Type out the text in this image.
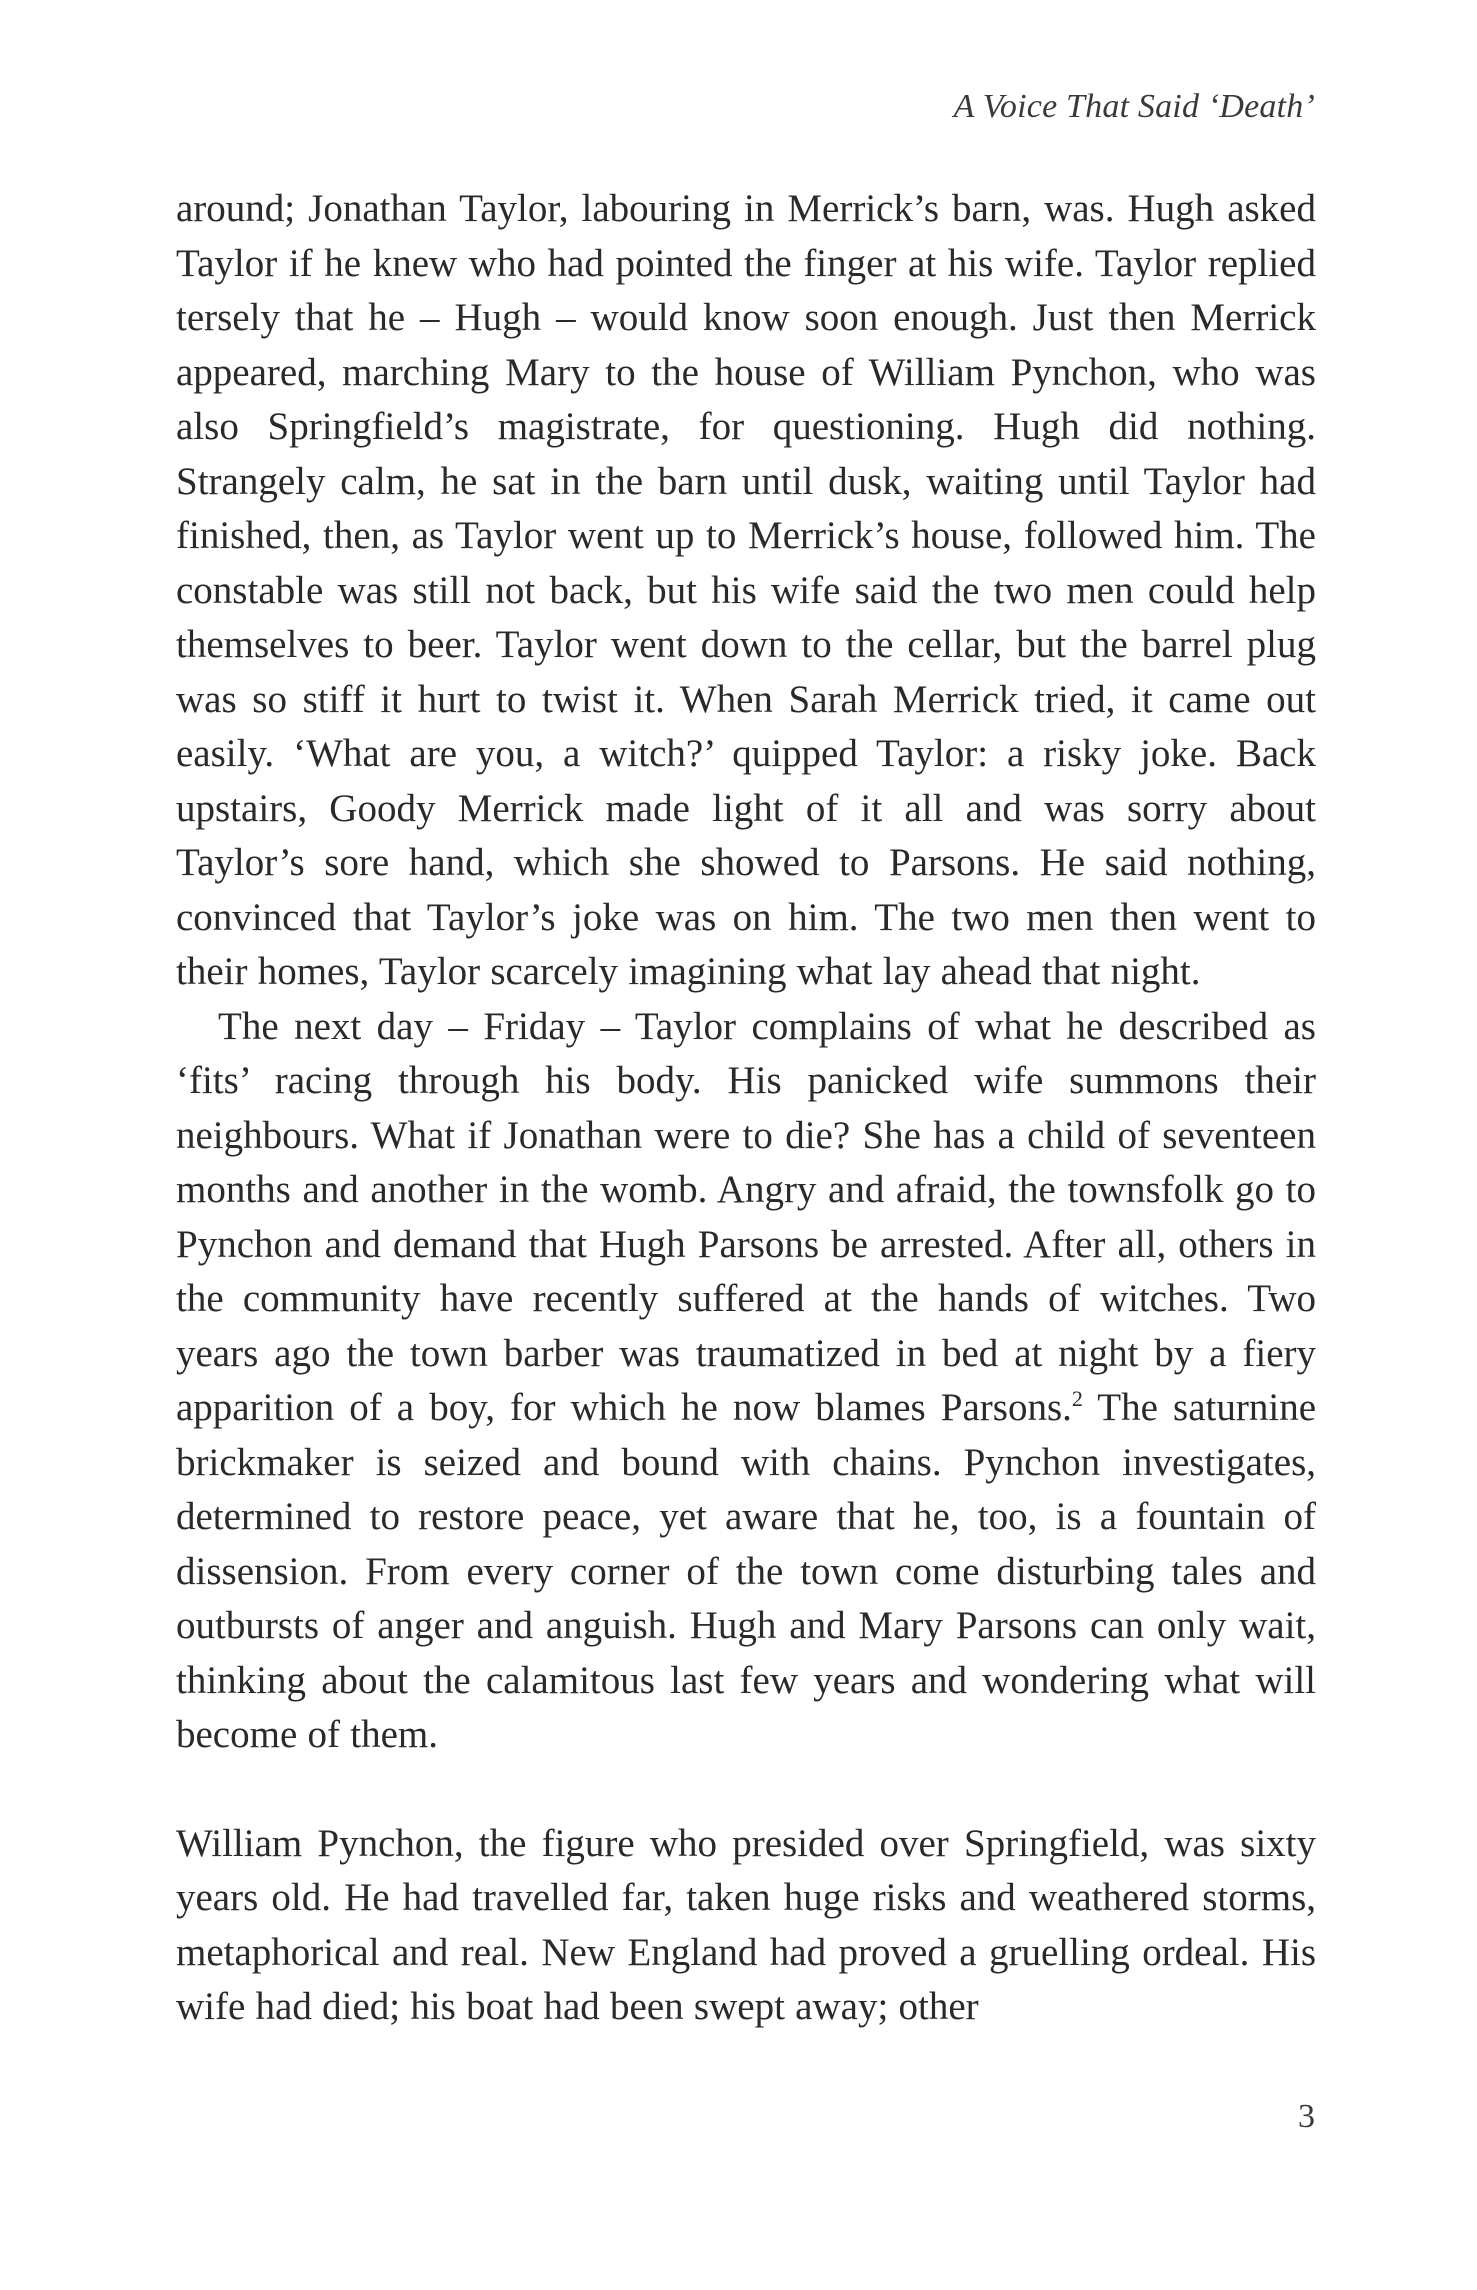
A Voice That Said ‘Death’

around; Jonathan Taylor, labouring in Merrick’s barn, was. Hugh asked Taylor if he knew who had pointed the finger at his wife. Taylor replied tersely that he – Hugh – would know soon enough. Just then Merrick appeared, marching Mary to the house of William Pynchon, who was also Springfield’s magistrate, for questioning. Hugh did nothing. Strangely calm, he sat in the barn until dusk, waiting until Taylor had finished, then, as Taylor went up to Merrick’s house, followed him. The constable was still not back, but his wife said the two men could help themselves to beer. Taylor went down to the cellar, but the barrel plug was so stiff it hurt to twist it. When Sarah Merrick tried, it came out easily. ‘What are you, a witch?’ quipped Taylor: a risky joke. Back upstairs, Goody Merrick made light of it all and was sorry about Taylor’s sore hand, which she showed to Parsons. He said nothing, convinced that Taylor’s joke was on him. The two men then went to their homes, Taylor scarcely imagining what lay ahead that night.

The next day – Friday – Taylor complains of what he described as ‘fits’ racing through his body. His panicked wife summons their neighbours. What if Jonathan were to die? She has a child of seventeen months and another in the womb. Angry and afraid, the townsfolk go to Pynchon and demand that Hugh Parsons be arrested. After all, others in the community have recently suffered at the hands of witches. Two years ago the town barber was traumatized in bed at night by a fiery apparition of a boy, for which he now blames Parsons.$^2$ The saturnine brickmaker is seized and bound with chains. Pynchon investigates, determined to restore peace, yet aware that he, too, is a fountain of dissension. From every corner of the town come disturbing tales and outbursts of anger and anguish. Hugh and Mary Parsons can only wait, thinking about the calamitous last few years and wondering what will become of them.

William Pynchon, the figure who presided over Springfield, was sixty years old. He had travelled far, taken huge risks and weathered storms, metaphorical and real. New England had proved a gruelling ordeal. His wife had died; his boat had been swept away; other

3
